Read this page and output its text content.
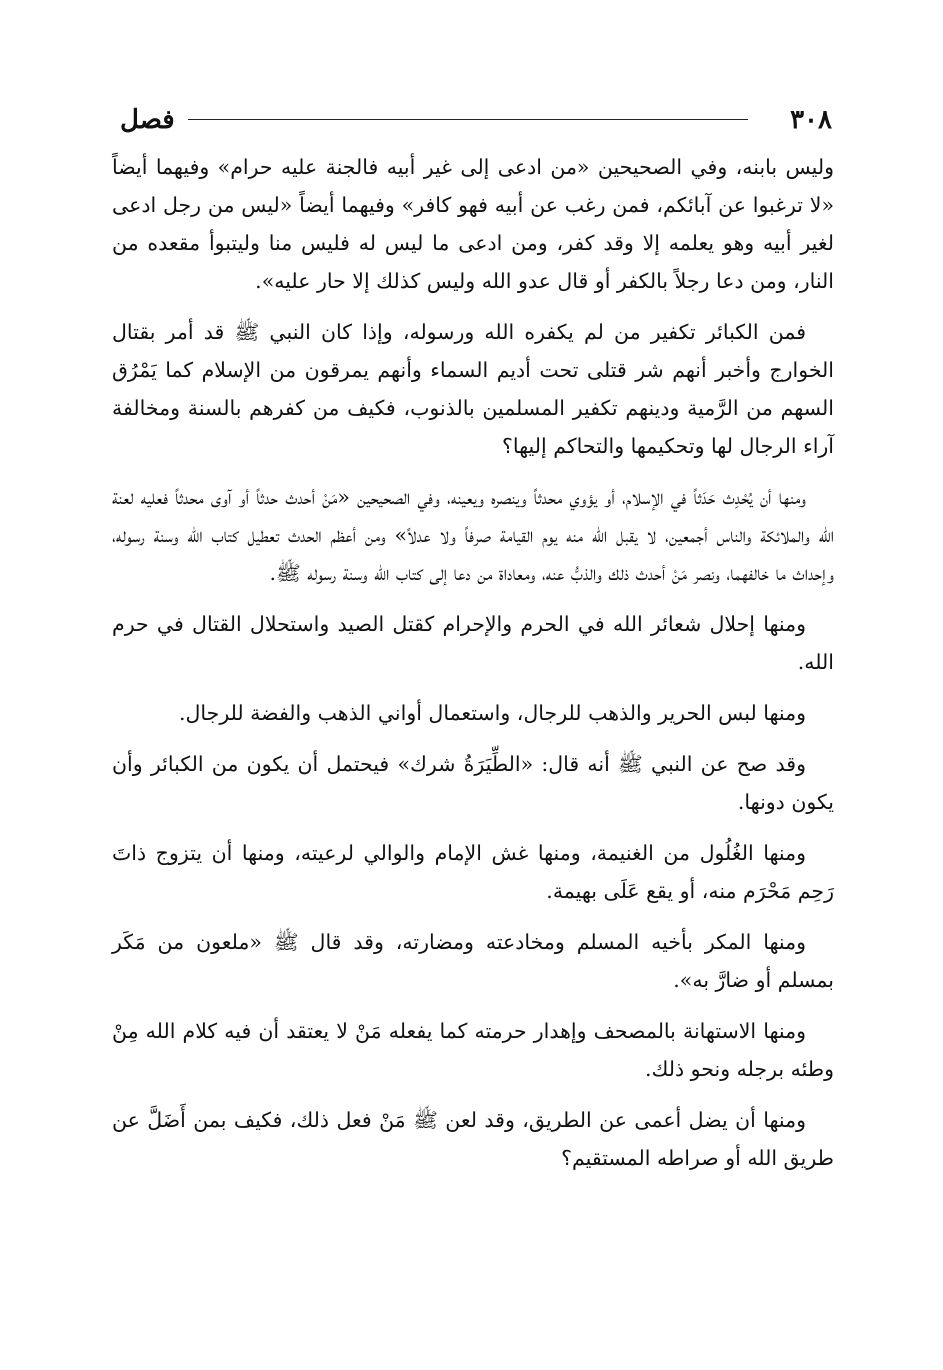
٣٠٨
فصل

وليس بابنه، وفي الصحيحين «من ادعى إلى غير أبيه فالجنة عليه حرام» وفيهما أيضاً «لا ترغبوا عن آبائكم، فمن رغب عن أبيه فهو كافر» وفيهما أيضاً «ليس من رجل ادعى لغير أبيه وهو يعلمه إلا وقد كفر، ومن ادعى ما ليس له فليس منا وليتبوأ مقعده من النار، ومن دعا رجلاً بالكفر أو قال عدو الله وليس كذلك إلا حار عليه».

فمن الكبائر تكفير من لم يكفره الله ورسوله، وإذا كان النبي ﷺ قد أمر بقتال الخوارج وأخبر أنهم شر قتلى تحت أديم السماء وأنهم يمرقون من الإسلام كما يَمْرُق السهم من الرَّمية ودينهم تكفير المسلمين بالذنوب، فكيف من كفرهم بالسنة ومخالفة آراء الرجال لها وتحكيمها والتحاكم إليها؟

ومنها أن يُحْدِث حَدَثاً في الإسلام، أو يؤوي محدثاً وينصره ويعينه، وفي الصحيحين «مَنْ أحدث حدثاً أو آوى محدثاً فعليه لعنة الله والملائكة والناس أجمعين، لا يقبل الله منه يوم القيامة صرفاً ولا عدلاً» ومن أعظم الحدث تعطيل كتاب الله وسنة رسوله، وإحداث ما خالفهما، ونصر مَنْ أحدث ذلك والذبُّ عنه، ومعاداة من دعا إلى كتاب الله وسنة رسوله ﷺ.

ومنها إحلال شعائر الله في الحرم والإحرام كقتل الصيد واستحلال القتال في حرم الله.

ومنها لبس الحرير والذهب للرجال، واستعمال أواني الذهب والفضة للرجال.

وقد صح عن النبي ﷺ أنه قال: «الطِّيَرَةُ شرك» فيحتمل أن يكون من الكبائر وأن يكون دونها.

ومنها الغُلُول من الغنيمة، ومنها غش الإمام والوالي لرعيته، ومنها أن يتزوج ذاتَ رَحِم مَحْرَم منه، أو يقع عَلَى بهيمة.

ومنها المكر بأخيه المسلم ومخادعته ومضارته، وقد قال ﷺ «ملعون من مَكَر بمسلم أو ضارَّ به».

ومنها الاستهانة بالمصحف وإهدار حرمته كما يفعله مَنْ لا يعتقد أن فيه كلام الله مِنْ وطئه برجله ونحو ذلك.

ومنها أن يضل أعمى عن الطريق، وقد لعن ﷺ مَنْ فعل ذلك، فكيف بمن أَضَلَّ عن طريق الله أو صراطه المستقيم؟
